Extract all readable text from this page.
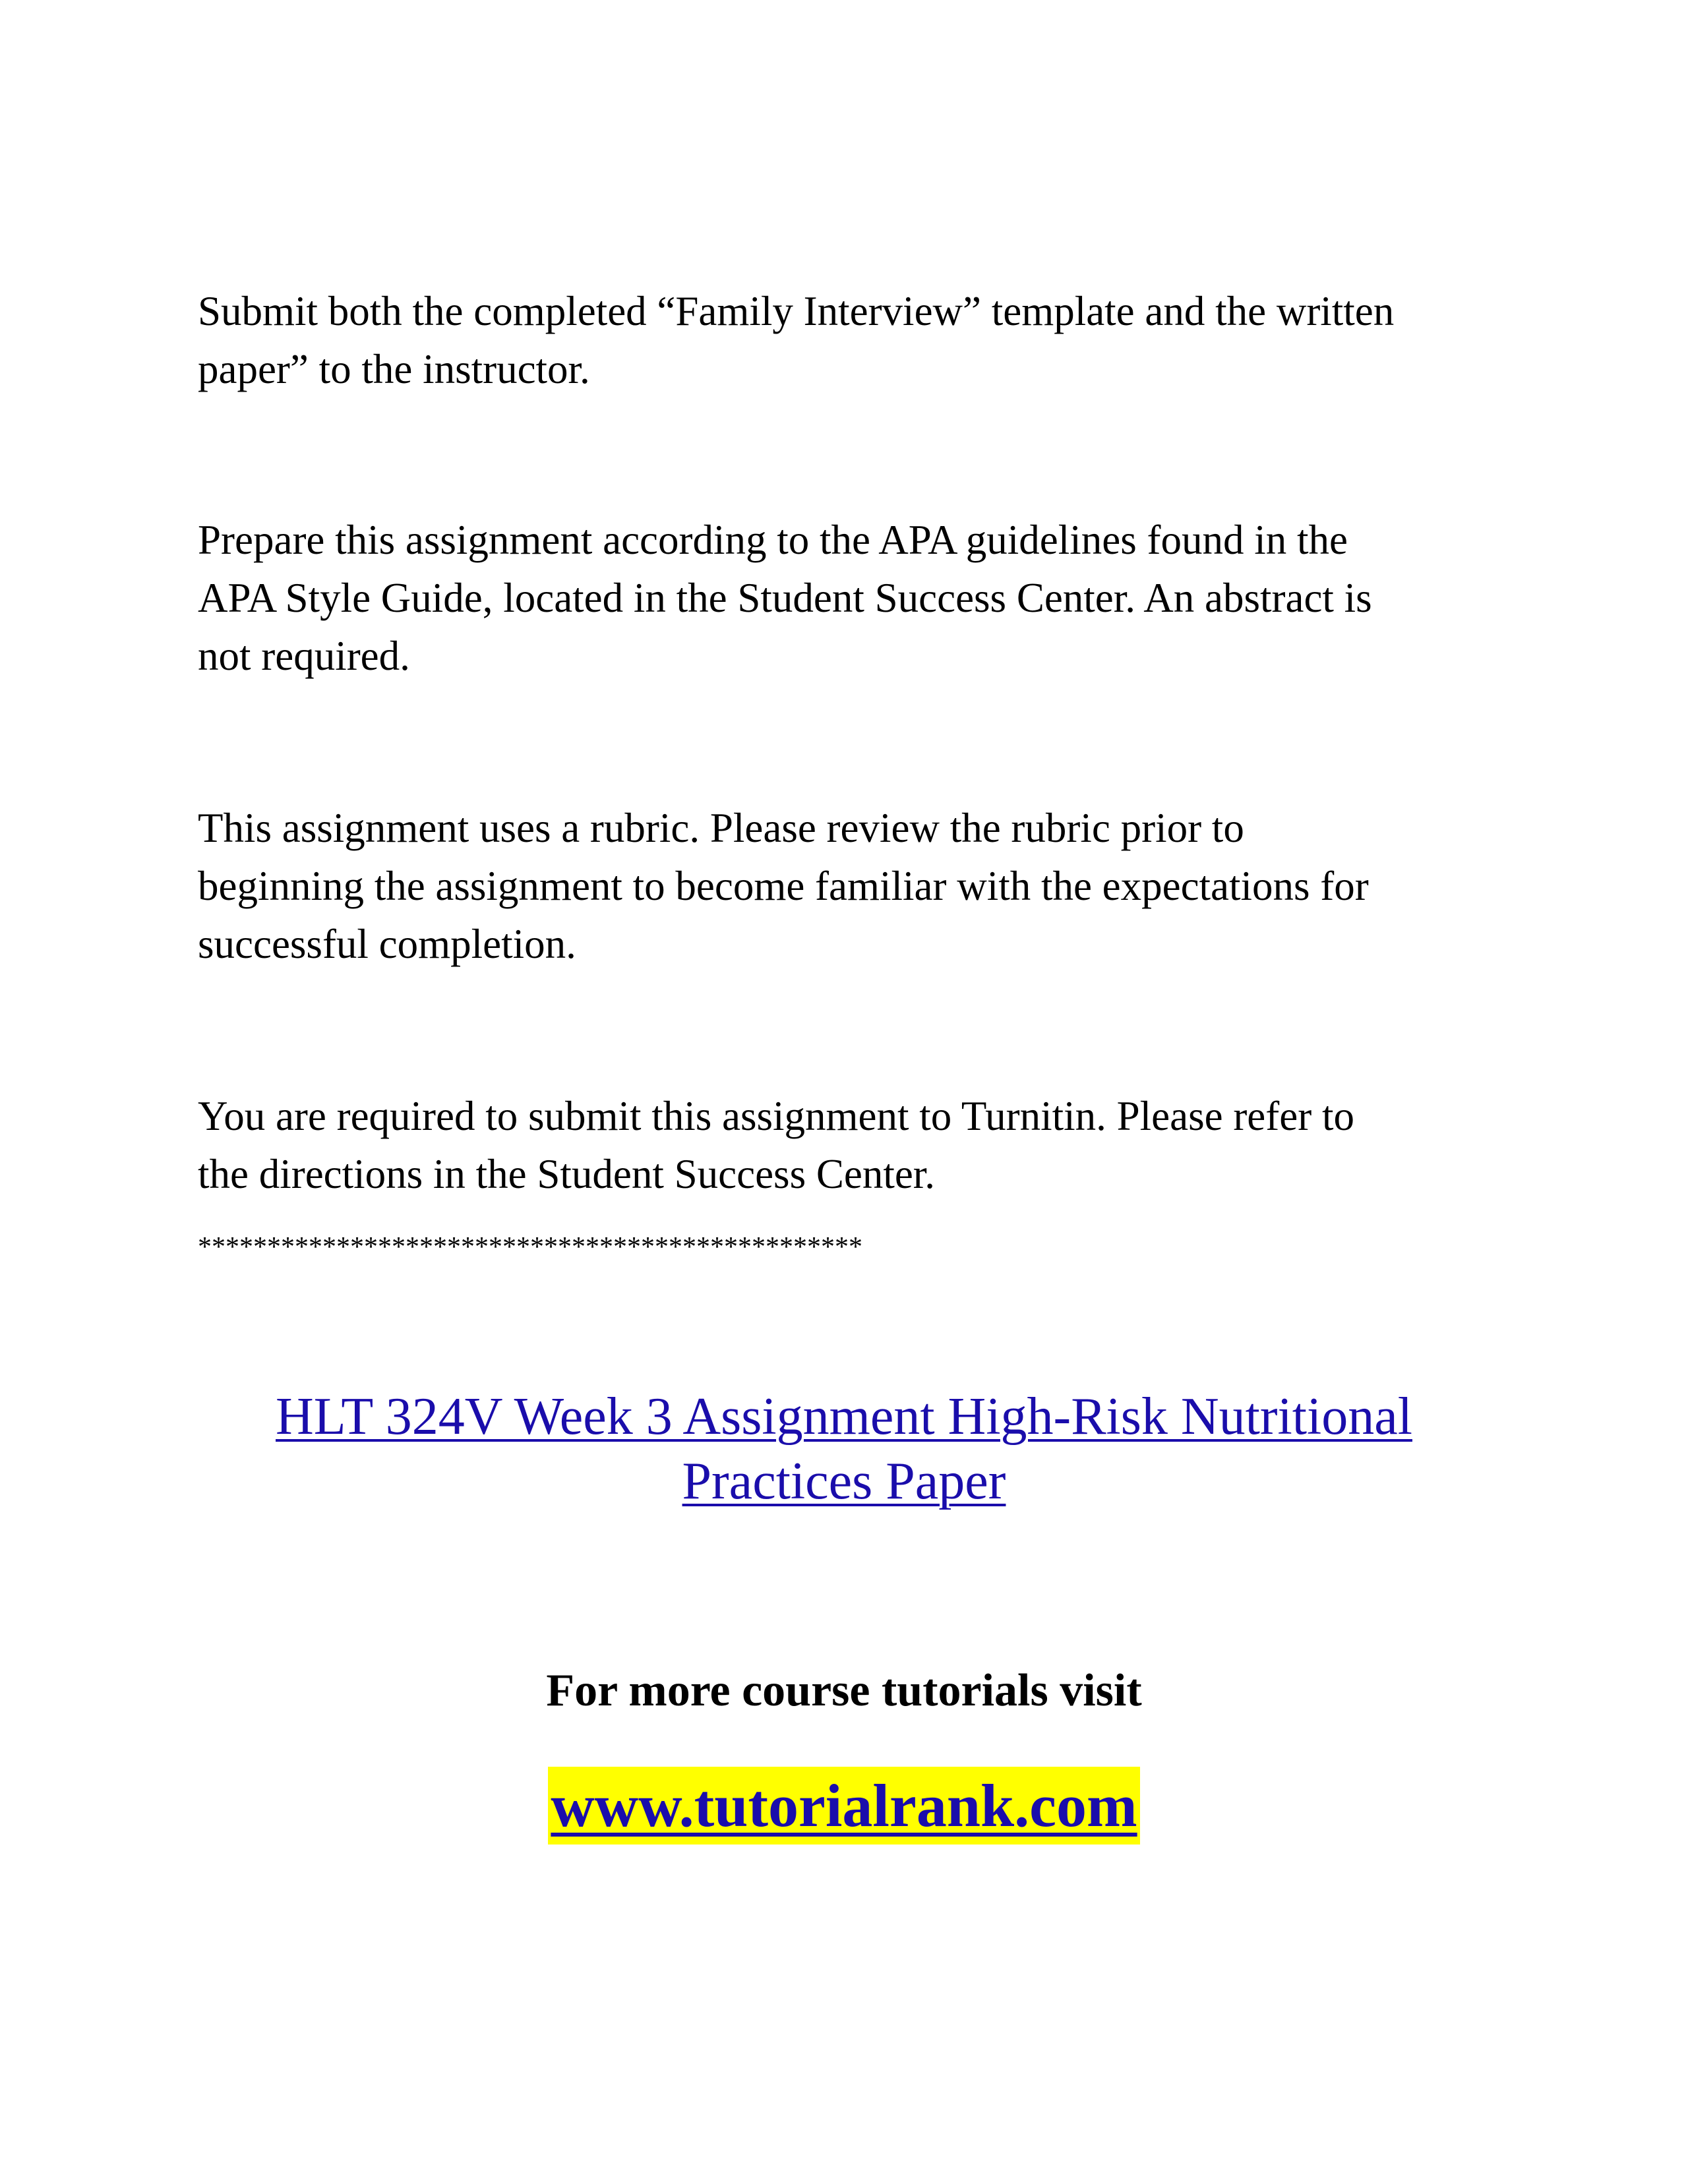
Submit both the completed “Family Interview” template and the written
paper” to the instructor.

Prepare this assignment according to the APA guidelines found in the
APA Style Guide, located in the Student Success Center. An abstract is
not required.

This assignment uses a rubric. Please review the rubric prior to
beginning the assignment to become familiar with the expectations for
successful completion.

You are required to submit this assignment to Turnitin. Please refer to
the directions in the Student Success Center.

************************************************

HLT 324V Week 3 Assignment High-Risk Nutritional
Practices Paper

For more course tutorials visit

www.tutorialrank.com
